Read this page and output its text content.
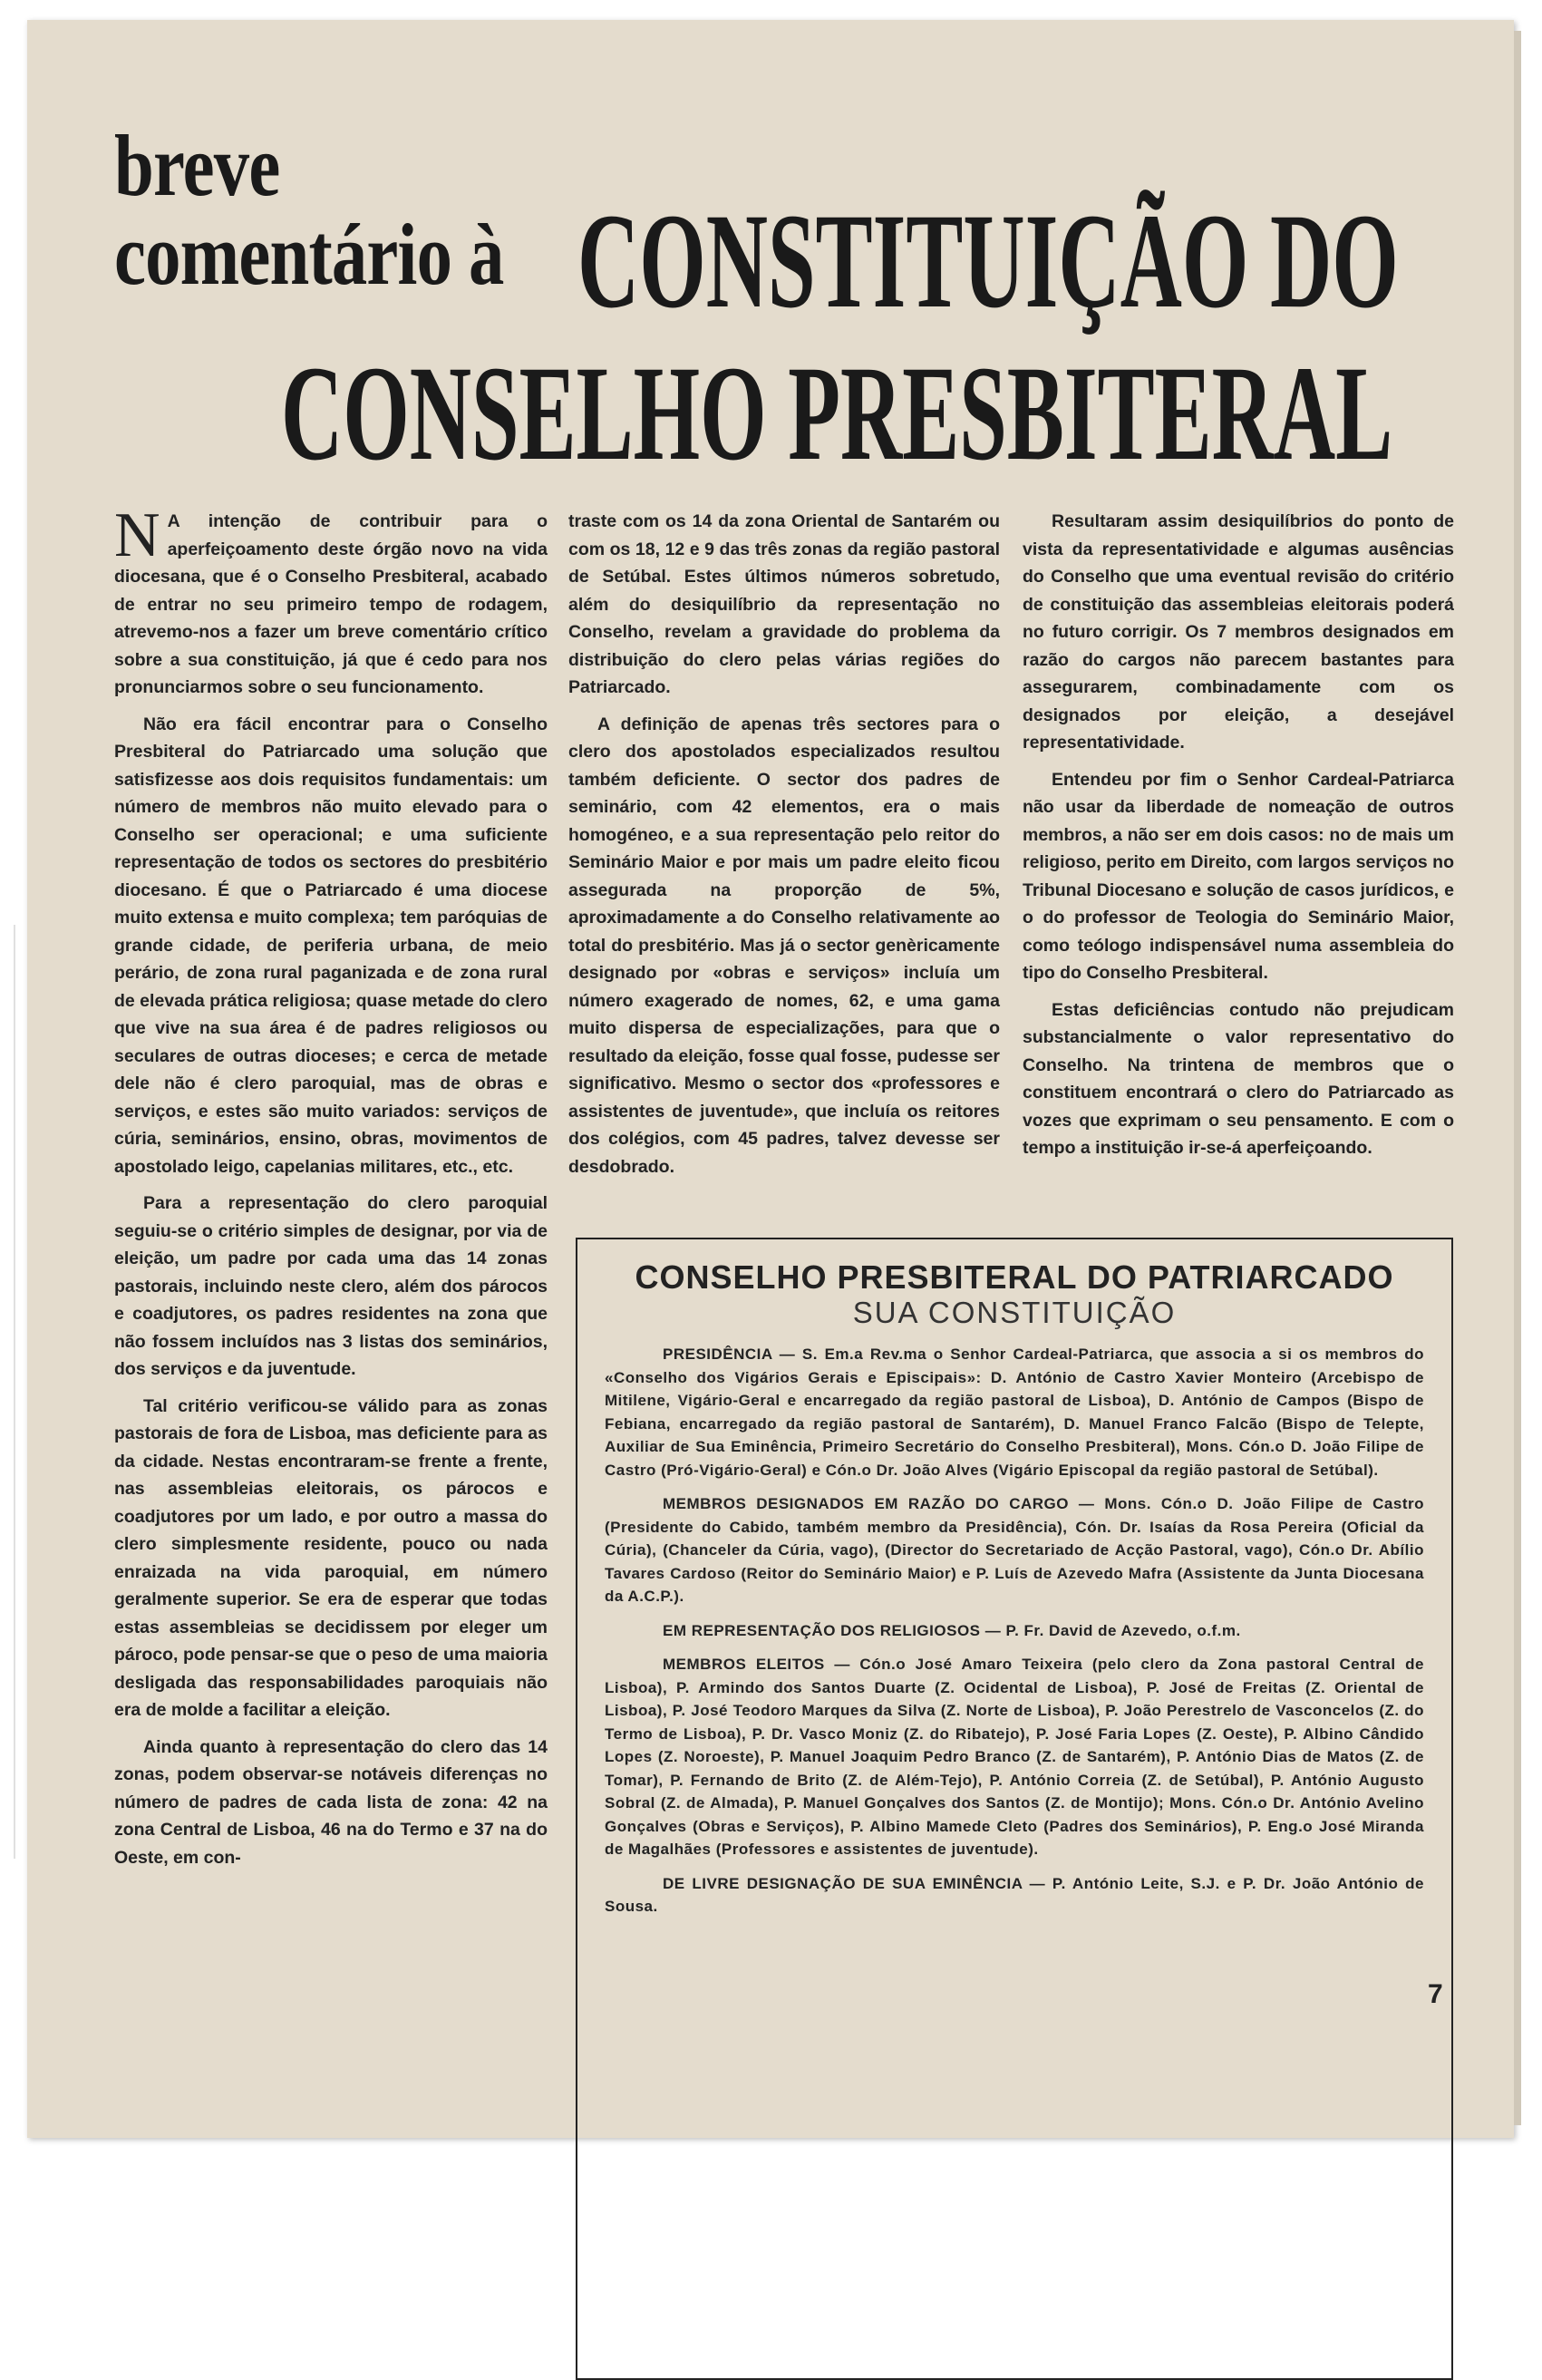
breve
comentário à CONSTITUIÇÃO DO
CONSELHO PRESBITERAL

N A intenção de contribuir para o aperfeiçoamento deste órgão novo na vida diocesana, que é o Conselho Presbiteral, acabado de entrar no seu primeiro tempo de rodagem, atrevemo-nos a fazer um breve comentário crítico sobre a sua constituição, já que é cedo para nos pronunciarmos sobre o seu funcionamento.

Não era fácil encontrar para o Conselho Presbiteral do Patriarcado uma solução que satisfizesse aos dois requisitos fundamentais: um número de membros não muito elevado para o Conselho ser operacional; e uma suficiente representação de todos os sectores do presbitério diocesano. É que o Patriarcado é uma diocese muito extensa e muito complexa; tem paróquias de grande cidade, de periferia urbana, de meio perário, de zona rural paganizada e de zona rural de elevada prática religiosa; quase metade do clero que vive na sua área é de padres religiosos ou seculares de outras dioceses; e cerca de metade dele não é clero paroquial, mas de obras e serviços, e estes são muito variados: serviços de cúria, seminários, ensino, obras, movimentos de apostolado leigo, capelanias militares, etc., etc.

Para a representação do clero paroquial seguiu-se o critério simples de designar, por via de eleição, um padre por cada uma das 14 zonas pastorais, incluindo neste clero, além dos párocos e coadjutores, os padres residentes na zona que não fossem incluídos nas 3 listas dos seminários, dos serviços e da juventude.

Tal critério verificou-se válido para as zonas pastorais de fora de Lisboa, mas deficiente para as da cidade. Nestas encontraram-se frente a frente, nas assembleias eleitorais, os párocos e coadjutores por um lado, e por outro a massa do clero simplesmente residente, pouco ou nada enraizada na vida paroquial, em número geralmente superior. Se era de esperar que todas estas assembleias se decidissem por eleger um pároco, pode pensar-se que o peso de uma maioria desligada das responsabilidades paroquiais não era de molde a facilitar a eleição.

Ainda quanto à representação do clero das 14 zonas, podem observar-se notáveis diferenças no número de padres de cada lista de zona: 42 na zona Central de Lisboa, 46 na do Termo e 37 na do Oeste, em con-

traste com os 14 da zona Oriental de Santarém ou com os 18, 12 e 9 das três zonas da região pastoral de Setúbal. Estes últimos números sobretudo, além do desiquilíbrio da representação no Conselho, revelam a gravidade do problema da distribuição do clero pelas várias regiões do Patriarcado.

A definição de apenas três sectores para o clero dos apostolados especializados resultou também deficiente. O sector dos padres de seminário, com 42 elementos, era o mais homogéneo, e a sua representação pelo reitor do Seminário Maior e por mais um padre eleito ficou assegurada na proporção de 5%, aproximadamente a do Conselho relativamente ao total do presbitério. Mas já o sector genèricamente designado por «obras e serviços» incluía um número exagerado de nomes, 62, e uma gama muito dispersa de especializações, para que o resultado da eleição, fosse qual fosse, pudesse ser significativo. Mesmo o sector dos «professores e assistentes de juventude», que incluía os reitores dos colégios, com 45 padres, talvez devesse ser desdobrado.

Resultaram assim desiquilíbrios do ponto de vista da representatividade e algumas ausências do Conselho que uma eventual revisão do critério de constituição das assembleias eleitorais poderá no futuro corrigir. Os 7 membros designados em razão do cargos não parecem bastantes para assegurarem, combinadamente com os designados por eleição, a desejável representatividade.

Entendeu por fim o Senhor Cardeal-Patriarca não usar da liberdade de nomeação de outros membros, a não ser em dois casos: no de mais um religioso, perito em Direito, com largos serviços no Tribunal Diocesano e solução de casos jurídicos, e o do professor de Teologia do Seminário Maior, como teólogo indispensável numa assembleia do tipo do Conselho Presbiteral.

Estas deficiências contudo não prejudicam substancialmente o valor representativo do Conselho. Na trintena de membros que o constituem encontrará o clero do Patriarcado as vozes que exprimam o seu pensamento. E com o tempo a instituição ir-se-á aperfeiçoando.

CONSELHO PRESBITERAL DO PATRIARCADO
SUA CONSTITUIÇÃO

PRESIDÊNCIA — S. Em.a Rev.ma o Senhor Cardeal-Patriarca, que associa a si os membros do «Conselho dos Vigários Gerais e Episcipais»: D. António de Castro Xavier Monteiro (Arcebispo de Mitilene, Vigário-Geral e encarregado da região pastoral de Lisboa), D. António de Campos (Bispo de Febiana, encarregado da região pastoral de Santarém), D. Manuel Franco Falcão (Bispo de Telepte, Auxiliar de Sua Eminência, Primeiro Secretário do Conselho Presbiteral), Mons. Cón.o D. João Filipe de Castro (Pró-Vigário-Geral) e Cón.o Dr. João Alves (Vigário Episcopal da região pastoral de Setúbal).

MEMBROS DESIGNADOS EM RAZÃO DO CARGO — Mons. Cón.o D. João Filipe de Castro (Presidente do Cabido, também membro da Presidência), Cón. Dr. Isaías da Rosa Pereira (Oficial da Cúria), (Chanceler da Cúria, vago), (Director do Secretariado de Acção Pastoral, vago), Cón.o Dr. Abílio Tavares Cardoso (Reitor do Seminário Maior) e P. Luís de Azevedo Mafra (Assistente da Junta Diocesana da A.C.P.).

EM REPRESENTAÇÃO DOS RELIGIOSOS — P. Fr. David de Azevedo, o.f.m.

MEMBROS ELEITOS — Cón.o José Amaro Teixeira (pelo clero da Zona pastoral Central de Lisboa), P. Armindo dos Santos Duarte (Z. Ocidental de Lisboa), P. José de Freitas (Z. Oriental de Lisboa), P. José Teodoro Marques da Silva (Z. Norte de Lisboa), P. João Perestrelo de Vasconcelos (Z. do Termo de Lisboa), P. Dr. Vasco Moniz (Z. do Ribatejo), P. José Faria Lopes (Z. Oeste), P. Albino Cândido Lopes (Z. Noroeste), P. Manuel Joaquim Pedro Branco (Z. de Santarém), P. António Dias de Matos (Z. de Tomar), P. Fernando de Brito (Z. de Além-Tejo), P. António Correia (Z. de Setúbal), P. António Augusto Sobral (Z. de Almada), P. Manuel Gonçalves dos Santos (Z. de Montijo); Mons. Cón.o Dr. António Avelino Gonçalves (Obras e Serviços), P. Albino Mamede Cleto (Padres dos Seminários), P. Eng.o José Miranda de Magalhães (Professores e assistentes de juventude).

DE LIVRE DESIGNAÇÃO DE SUA EMINÊNCIA — P. António Leite, S.J. e P. Dr. João António de Sousa.

7
